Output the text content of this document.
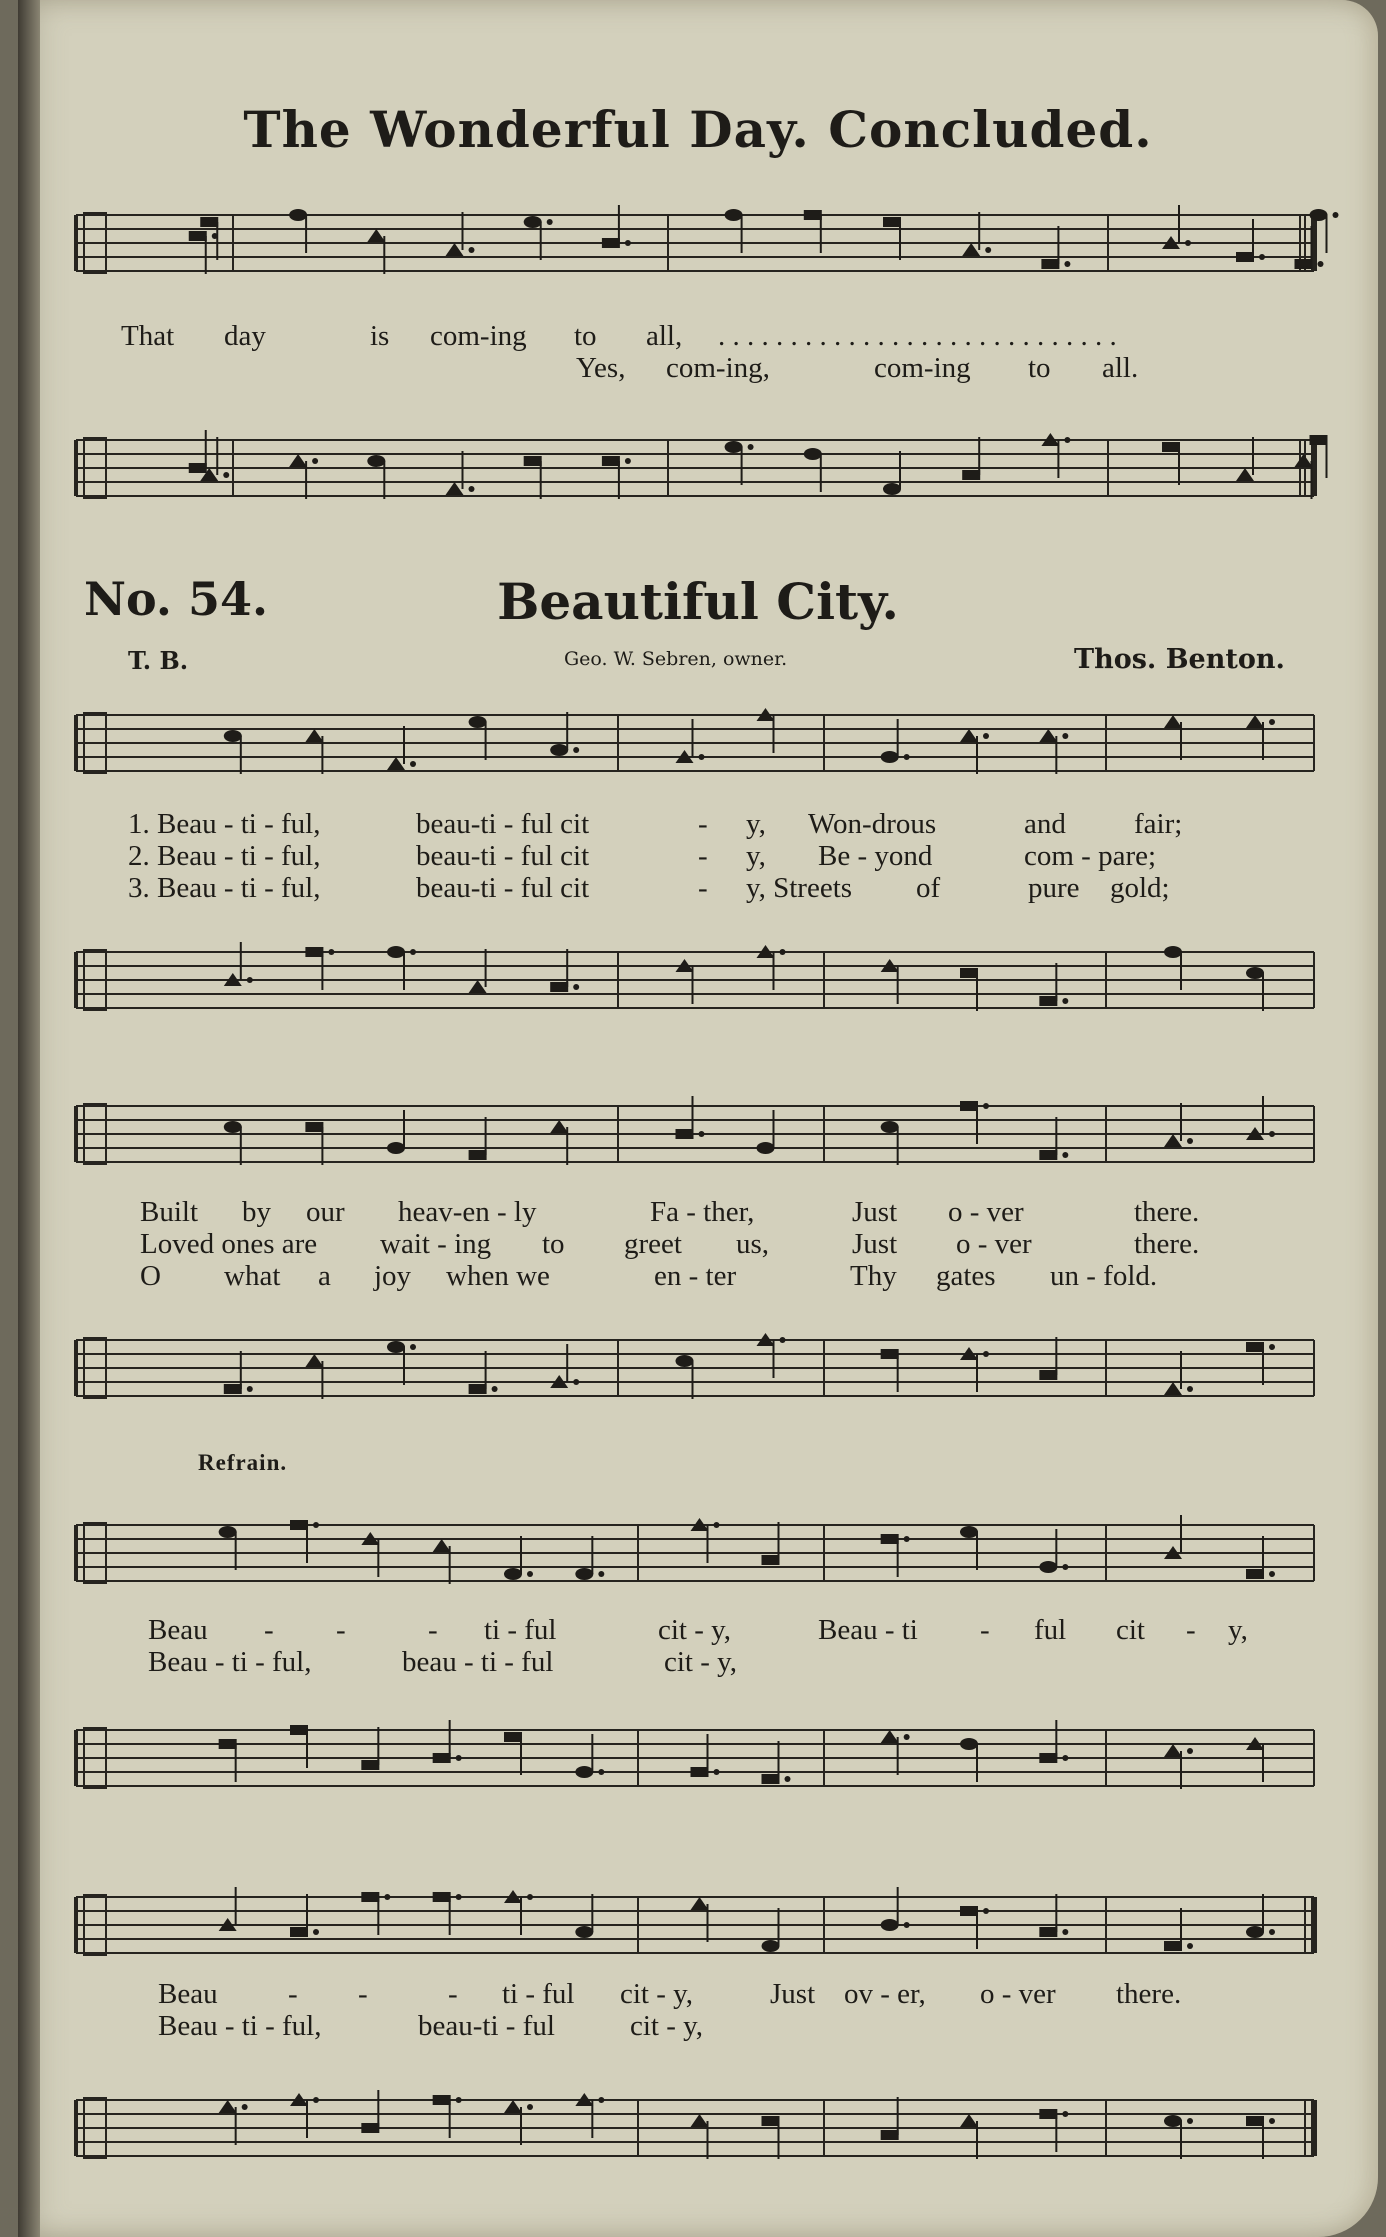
The Wonderful Day. Concluded.
No. 54.	Beautiful City.
T. B.	Geo. W. Sebren, owner.	Thos. Benton.
Refrain.
That day	is com-ing to all, . . . . . . . . . . . . . . . . . . . . . . . . . . . .
Yes, com-ing,	com-ing to all.
1. Beau - ti - ful,	beau-ti - ful cit	- y, Won-drous	and fair;
2. Beau - ti - ful,	beau-ti - ful cit	- y, Be - yond	com - pare;
3. Beau - ti - ful,	beau-ti - ful cit	- y, Streets of	pure gold;
Built by our heav-en - ly	Fa - ther,	Just o - ver	there.
Loved ones are wait - ing to greet us,	Just o - ver	there.
O what a joy when we	en - ter	Thy gates un - fold.
Beau - -	- ti - ful	cit - y,	Beau - ti - ful cit - y,
Beau - ti - ful,	beau - ti - ful	cit - y,
Beau - -	- ti - ful cit - y,	Just ov - er, o - ver there.
Beau - ti - ful,	beau-ti - ful	cit - y,
